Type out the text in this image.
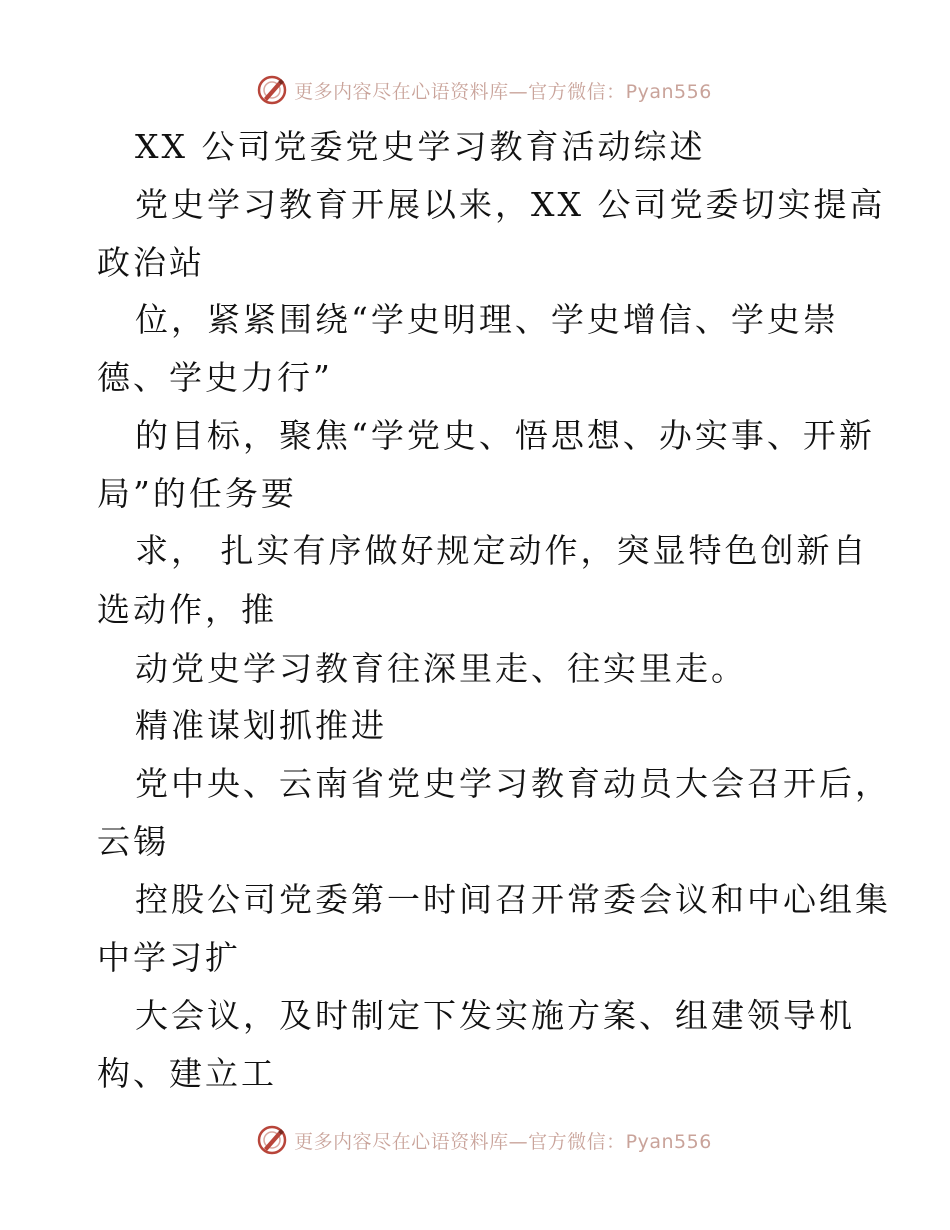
更多内容尽在心语资料库—官方微信：Pyan556
XX 公司党委党史学习教育活动综述
党史学习教育开展以来，XX 公司党委切实提高
政治站
位，紧紧围绕“学史明理、学史增信、学史崇
德、学史力行”
的目标，聚焦“学党史、悟思想、办实事、开新
局”的任务要
求， 扎实有序做好规定动作，突显特色创新自
选动作，推
动党史学习教育往深里走、往实里走。
精准谋划抓推进
党中央、云南省党史学习教育动员大会召开后，
云锡
控股公司党委第一时间召开常委会议和中心组集
中学习扩
大会议，及时制定下发实施方案、组建领导机
构、建立工
更多内容尽在心语资料库—官方微信：Pyan556
